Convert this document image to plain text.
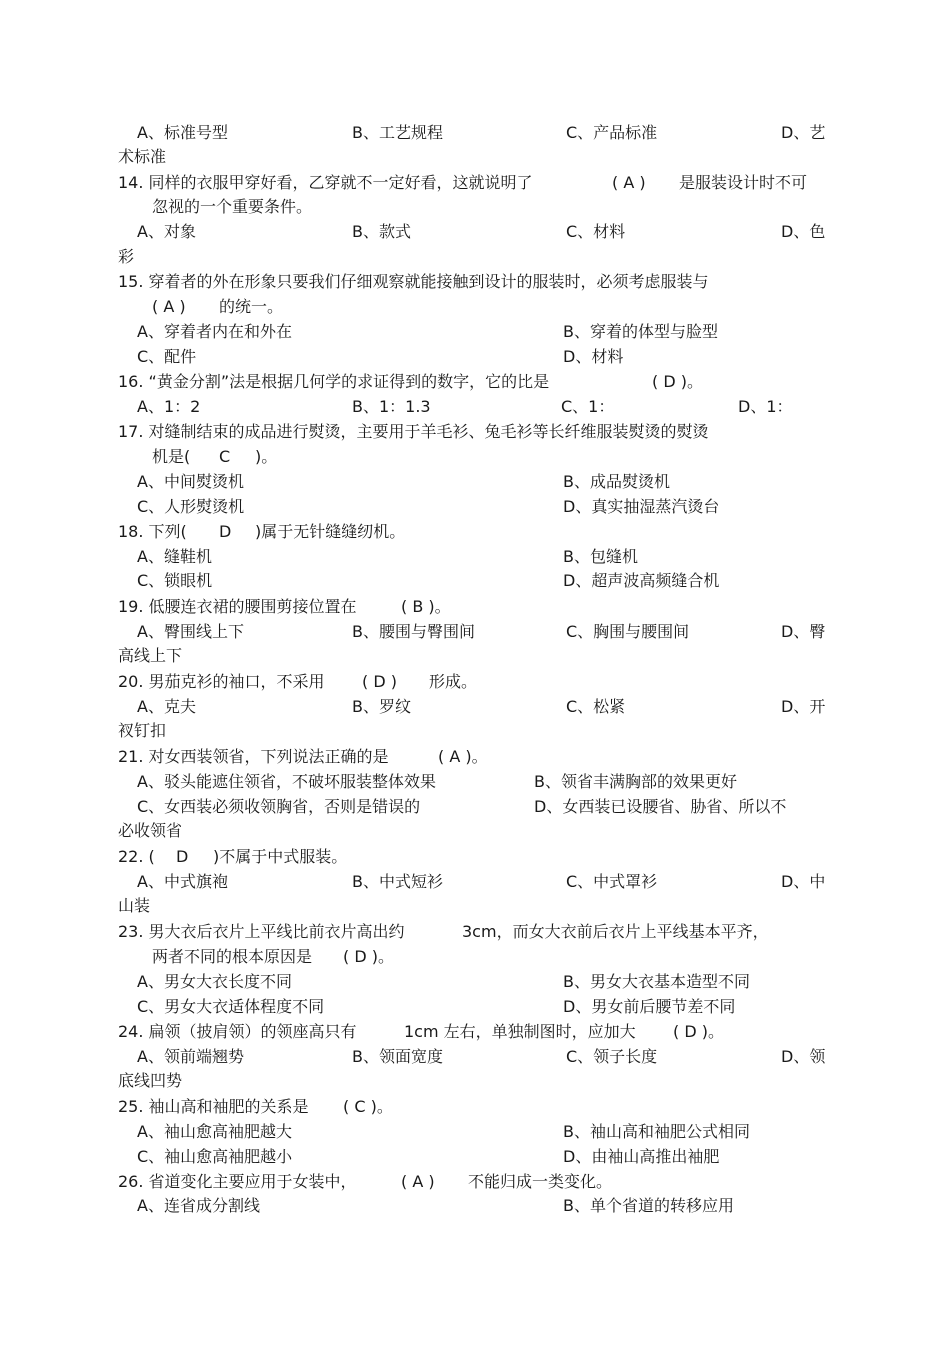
A、标准号型	B、工艺规程	C、产品标准	D、艺
术标准
14. 同样的衣服甲穿好看，乙穿就不一定好看，这就说明了	( A ) 是服装设计时不可
忽视的一个重要条件。
A、对象	B、款式	C、材料	D、色
彩
15. 穿着者的外在形象只要我们仔细观察就能接触到设计的服装时，必须考虑服装与
( A ) 的统一。
A、穿着者内在和外在	B、穿着的体型与脸型
C、配件	D、材料
16. “黄金分割”法是根据几何学的求证得到的数字，它的比是	( D )。
A、1：2	B、1：1.3	C、1：	D、1：
17. 对缝制结束的成品进行熨烫，主要用于羊毛衫、兔毛衫等长纤维服装熨烫的熨烫
机是( C )。
A、中间熨烫机	B、成品熨烫机
C、人形熨烫机	D、真实抽湿蒸汽烫台
18. 下列( D )属于无针缝缝纫机。
A、缝鞋机	B、包缝机
C、锁眼机	D、超声波高频缝合机
19. 低腰连衣裙的腰围剪接位置在	( B )。
A、臀围线上下	B、腰围与臀围间	C、胸围与腰围间	D、臀
高线上下
20. 男茄克衫的袖口，不采用 ( D ) 形成。
A、克夫	B、罗纹	C、松紧	D、开
衩钉扣
21. 对女西装领省，下列说法正确的是	( A )。
A、驳头能遮住领省，不破坏服装整体效果	B、领省丰满胸部的效果更好
C、女西装必须收领胸省，否则是错误的	D、女西装已设腰省、胁省、所以不
必收领省
22. ( D )不属于中式服装。
A、中式旗袍	B、中式短衫	C、中式罩衫	D、中
山装
23. 男大衣后衣片上平线比前衣片高出约	3cm，而女大衣前后衣片上平线基本平齐，
两者不同的根本原因是 ( D )。
A、男女大衣长度不同	B、男女大衣基本造型不同
C、男女大衣适体程度不同	D、男女前后腰节差不同
24. 扁领（披肩领）的领座高只有	1cm 左右，单独制图时，应加大 ( D )。
A、领前端翘势	B、领面宽度	C、领子长度	D、领
底线凹势
25. 袖山高和袖肥的关系是 ( C )。
A、袖山愈高袖肥越大	B、袖山高和袖肥公式相同
C、袖山愈高袖肥越小	D、由袖山高推出袖肥
26. 省道变化主要应用于女装中，	( A ) 不能归成一类变化。
A、连省成分割线	B、单个省道的转移应用
